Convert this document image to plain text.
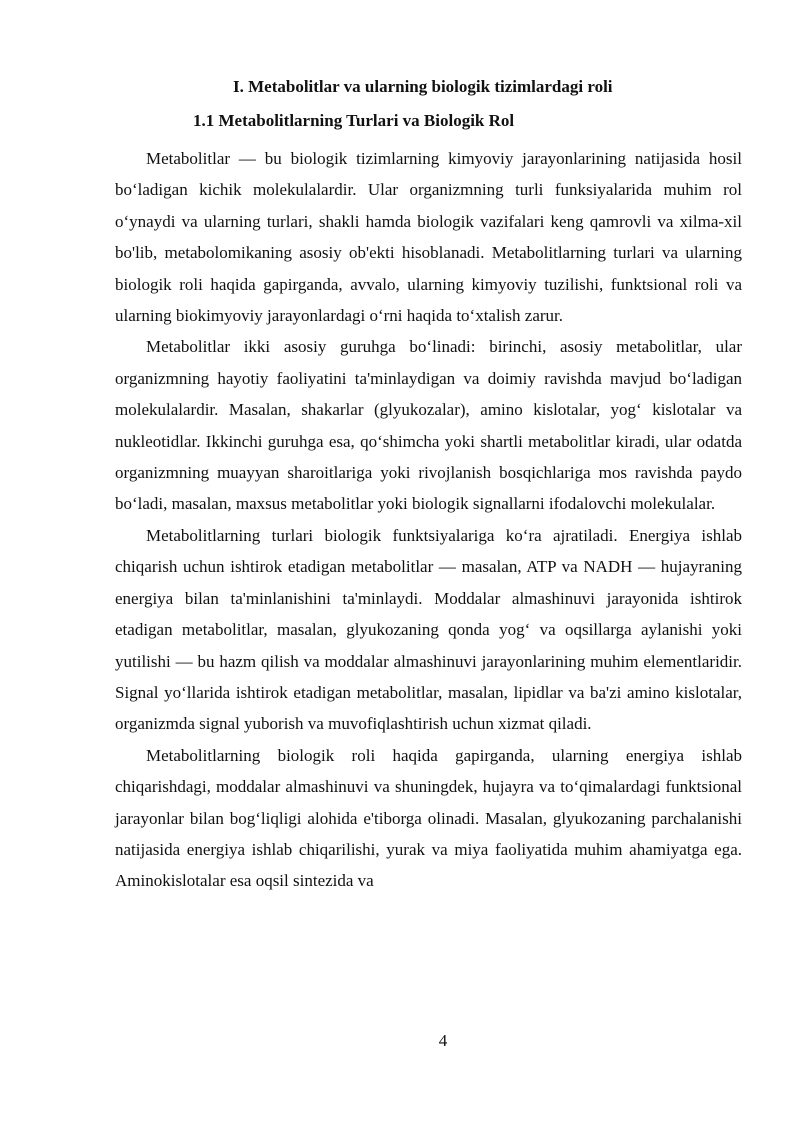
I. Metabolitlar va ularning biologik tizimlardagi roli
1.1 Metabolitlarning Turlari va Biologik Rol

Metabolitlar — bu biologik tizimlarning kimyoviy jarayonlarining natijasida hosil bo‘ladigan kichik molekulalardir. Ular organizmning turli funksiyalarida muhim rol o‘ynaydi va ularning turlari, shakli hamda biologik vazifalari keng qamrovli va xilma-xil bo'lib, metabolomikaning asosiy ob'ekti hisoblanadi. Metabolitlarning turlari va ularning biologik roli haqida gapirganda, avvalo, ularning kimyoviy tuzilishi, funktsional roli va ularning biokimyoviy jarayonlardagi o‘rni haqida to‘xtalish zarur.

Metabolitlar ikki asosiy guruhga bo‘linadi: birinchi, asosiy metabolitlar, ular organizmning hayotiy faoliyatini ta'minlaydigan va doimiy ravishda mavjud bo‘ladigan molekulalardir. Masalan, shakarlar (glyukozalar), amino kislotalar, yog‘ kislotalar va nukleotidlar. Ikkinchi guruhga esa, qo‘shimcha yoki shartli metabolitlar kiradi, ular odatda organizmning muayyan sharoitlariga yoki rivojlanish bosqichlariga mos ravishda paydo bo‘ladi, masalan, maxsus metabolitlar yoki biologik signallarni ifodalovchi molekulalar.

Metabolitlarning turlari biologik funktsiyalariga ko‘ra ajratiladi. Energiya ishlab chiqarish uchun ishtirok etadigan metabolitlar — masalan, ATP va NADH — hujayraning energiya bilan ta'minlanishini ta'minlaydi. Moddalar almashinuvi jarayonida ishtirok etadigan metabolitlar, masalan, glyukozaning qonda yog‘ va oqsillarga aylanishi yoki yutilishi — bu hazm qilish va moddalar almashinuvi jarayonlarining muhim elementlaridir. Signal yo‘llarida ishtirok etadigan metabolitlar, masalan, lipidlar va ba'zi amino kislotalar, organizmda signal yuborish va muvofiqlashtirish uchun xizmat qiladi.

Metabolitlarning biologik roli haqida gapirganda, ularning energiya ishlab chiqarishdagi, moddalar almashinuvi va shuningdek, hujayra va to‘qimalardagi funktsional jarayonlar bilan bog‘liqligi alohida e'tiborga olinadi. Masalan, glyukozaning parchalanishi natijasida energiya ishlab chiqarilishi, yurak va miya faoliyatida muhim ahamiyatga ega. Aminokislotalar esa oqsil sintezida va

4
